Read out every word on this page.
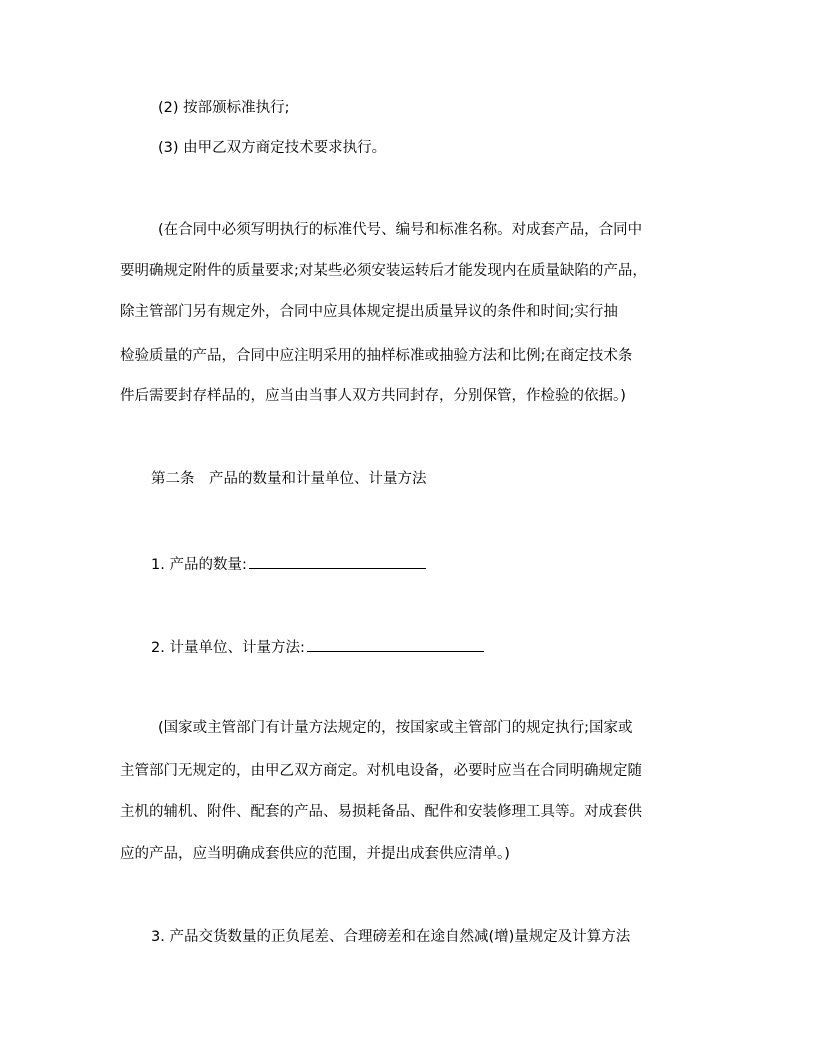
(2) 按部颁标准执行;
(3) 由甲乙双方商定技术要求执行。
(在合同中必须写明执行的标准代号、编号和标准名称。对成套产品，合同中
要明确规定附件的质量要求;对某些必须安装运转后才能发现内在质量缺陷的产品，
除主管部门另有规定外，合同中应具体规定提出质量异议的条件和时间;实行抽
检验质量的产品，合同中应注明采用的抽样标准或抽验方法和比例;在商定技术条
件后需要封存样品的，应当由当事人双方共同封存，分别保管，作检验的依据。)
第二条　产品的数量和计量单位、计量方法
1. 产品的数量:
2. 计量单位、计量方法:
(国家或主管部门有计量方法规定的，按国家或主管部门的规定执行;国家或
主管部门无规定的，由甲乙双方商定。对机电设备，必要时应当在合同明确规定随
主机的辅机、附件、配套的产品、易损耗备品、配件和安装修理工具等。对成套供
应的产品，应当明确成套供应的范围，并提出成套供应清单。)
3. 产品交货数量的正负尾差、合理磅差和在途自然减(增)量规定及计算方法
